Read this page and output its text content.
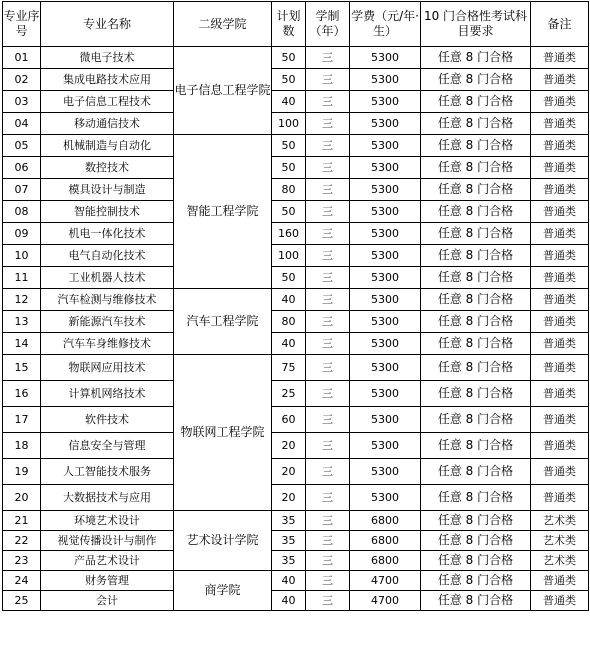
专业序号	专业名称	二级学院	计划数	学制（年）	学费（元/年·生）	10 门合格性考试科目要求	备注
01	微电子技术	电子信息工程学院	50	三	5300	任意 8 门合格	普通类
02	集成电路技术应用		50	三	5300	任意 8 门合格	普通类
03	电子信息工程技术		40	三	5300	任意 8 门合格	普通类
04	移动通信技术		100	三	5300	任意 8 门合格	普通类
05	机械制造与自动化	智能工程学院	50	三	5300	任意 8 门合格	普通类
06	数控技术		50	三	5300	任意 8 门合格	普通类
07	模具设计与制造		80	三	5300	任意 8 门合格	普通类
08	智能控制技术		50	三	5300	任意 8 门合格	普通类
09	机电一体化技术		160	三	5300	任意 8 门合格	普通类
10	电气自动化技术		100	三	5300	任意 8 门合格	普通类
11	工业机器人技术		50	三	5300	任意 8 门合格	普通类
12	汽车检测与维修技术	汽车工程学院	40	三	5300	任意 8 门合格	普通类
13	新能源汽车技术		80	三	5300	任意 8 门合格	普通类
14	汽车车身维修技术		40	三	5300	任意 8 门合格	普通类
15	物联网应用技术	物联网工程学院	75	三	5300	任意 8 门合格	普通类
16	计算机网络技术		25	三	5300	任意 8 门合格	普通类
17	软件技术		60	三	5300	任意 8 门合格	普通类
18	信息安全与管理		20	三	5300	任意 8 门合格	普通类
19	人工智能技术服务		20	三	5300	任意 8 门合格	普通类
20	大数据技术与应用		20	三	5300	任意 8 门合格	普通类
21	环境艺术设计	艺术设计学院	35	三	6800	任意 8 门合格	艺术类
22	视觉传播设计与制作		35	三	6800	任意 8 门合格	艺术类
23	产品艺术设计		35	三	6800	任意 8 门合格	艺术类
24	财务管理	商学院	40	三	4700	任意 8 门合格	普通类
25	会计		40	三	4700	任意 8 门合格	普通类
